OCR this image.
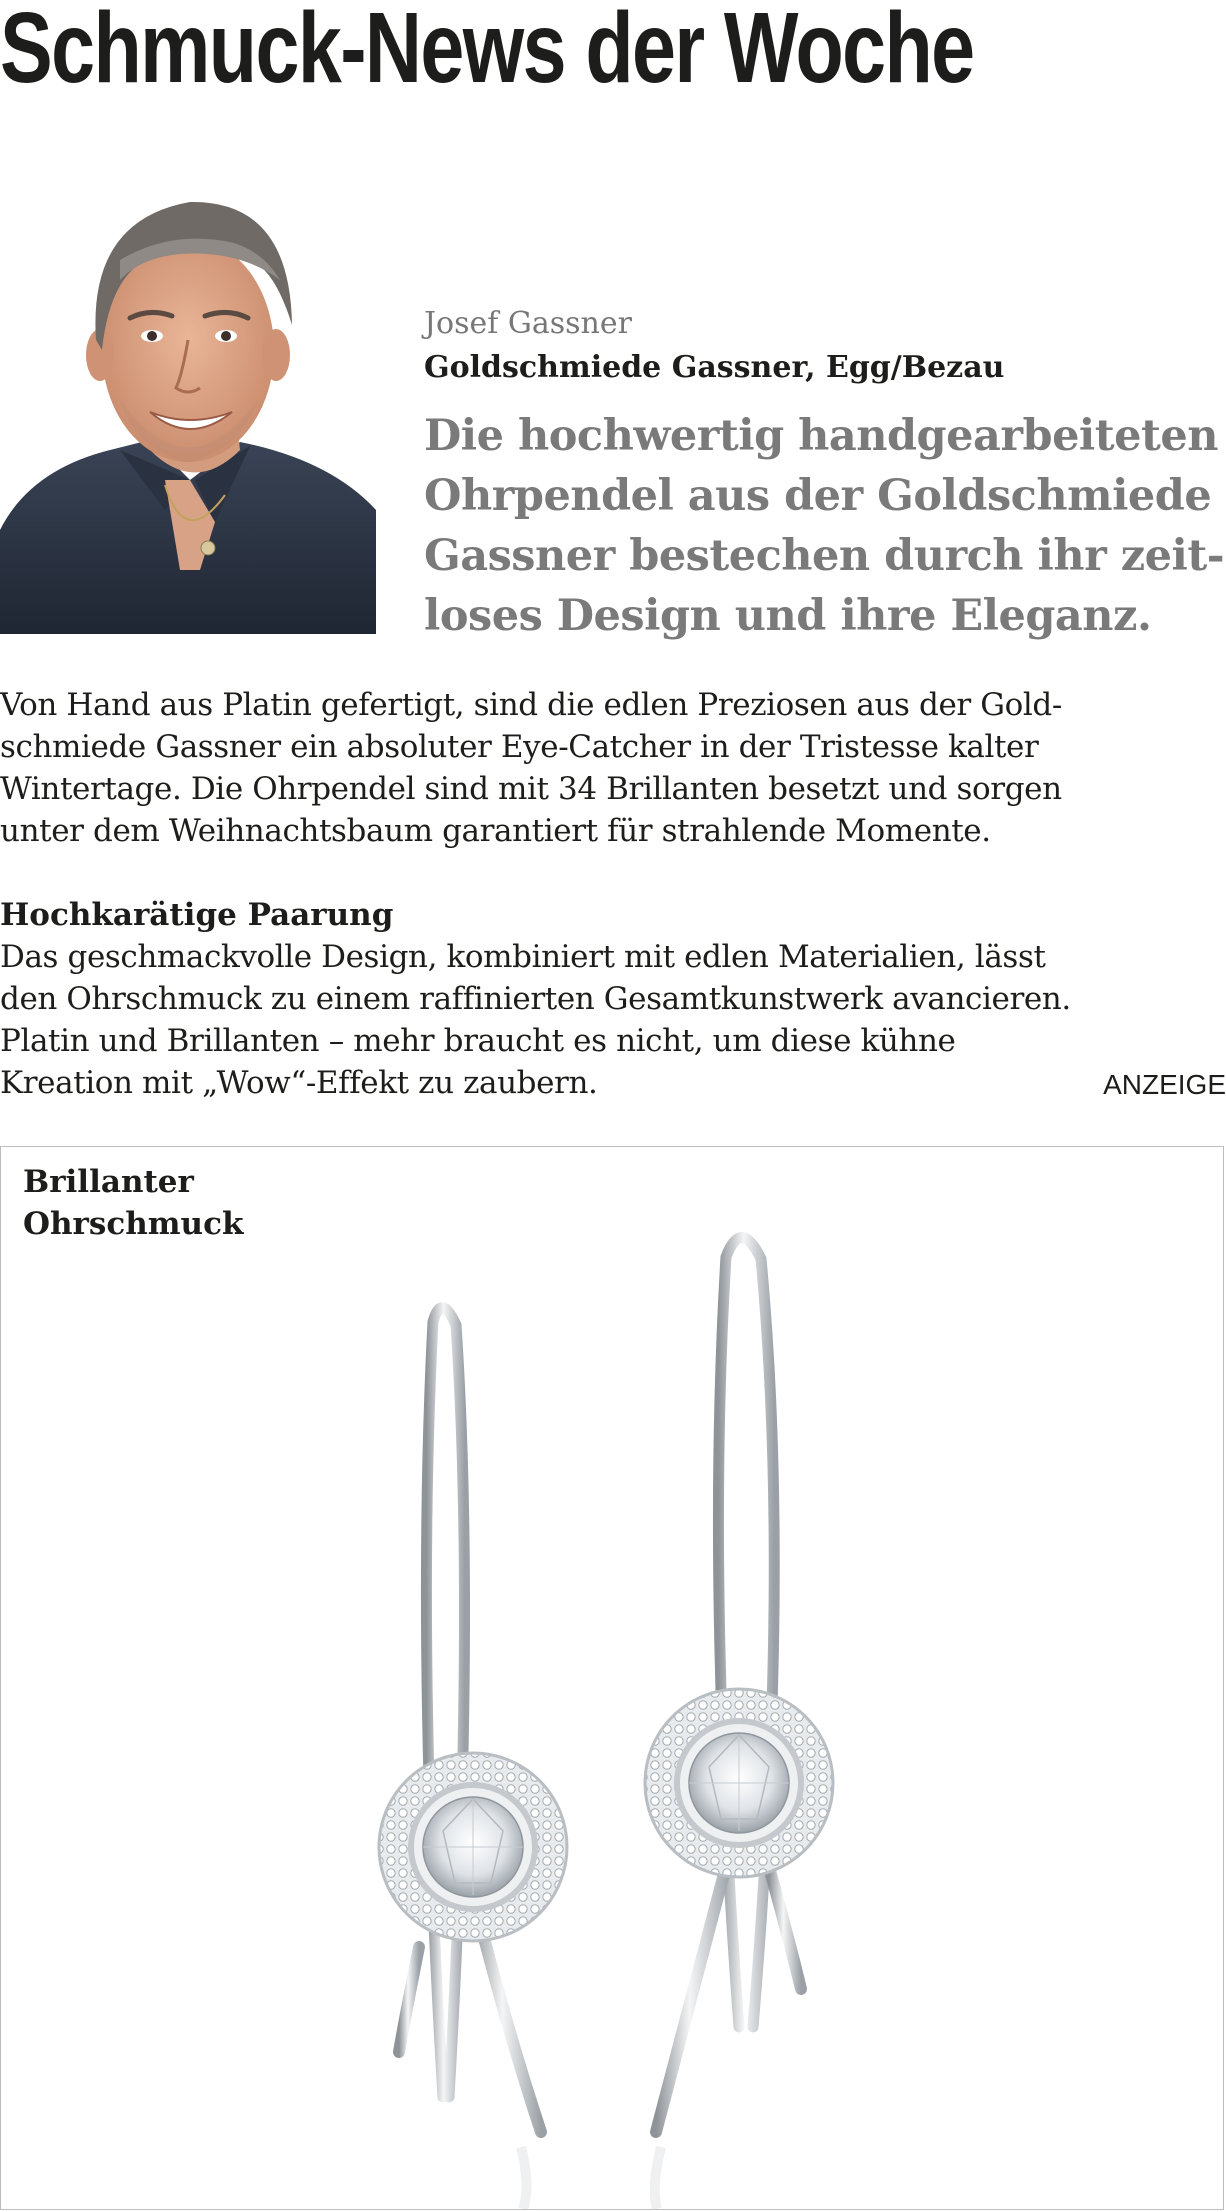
Schmuck-News der Woche
Josef Gassner
Goldschmiede Gassner, Egg/Bezau
Die hochwertig handgearbeiteten
Ohrpendel aus der Goldschmiede
Gassner bestechen durch ihr zeit-
loses Design und ihre Eleganz.
Von Hand aus Platin gefertigt, sind die edlen Preziosen aus der Gold-
schmiede Gassner ein absoluter Eye-Catcher in der Tristesse kalter
Wintertage. Die Ohrpendel sind mit 34 Brillanten besetzt und sorgen
unter dem Weihnachtsbaum garantiert für strahlende Momente.
Hochkarätige Paarung
Das geschmackvolle Design, kombiniert mit edlen Materialien, lässt
den Ohrschmuck zu einem raffinierten Gesamtkunstwerk avancieren.
Platin und Brillanten – mehr braucht es nicht, um diese kühne
Kreation mit „Wow“-Effekt zu zaubern.	ANZEIGE
Brillanter
Ohrschmuck
